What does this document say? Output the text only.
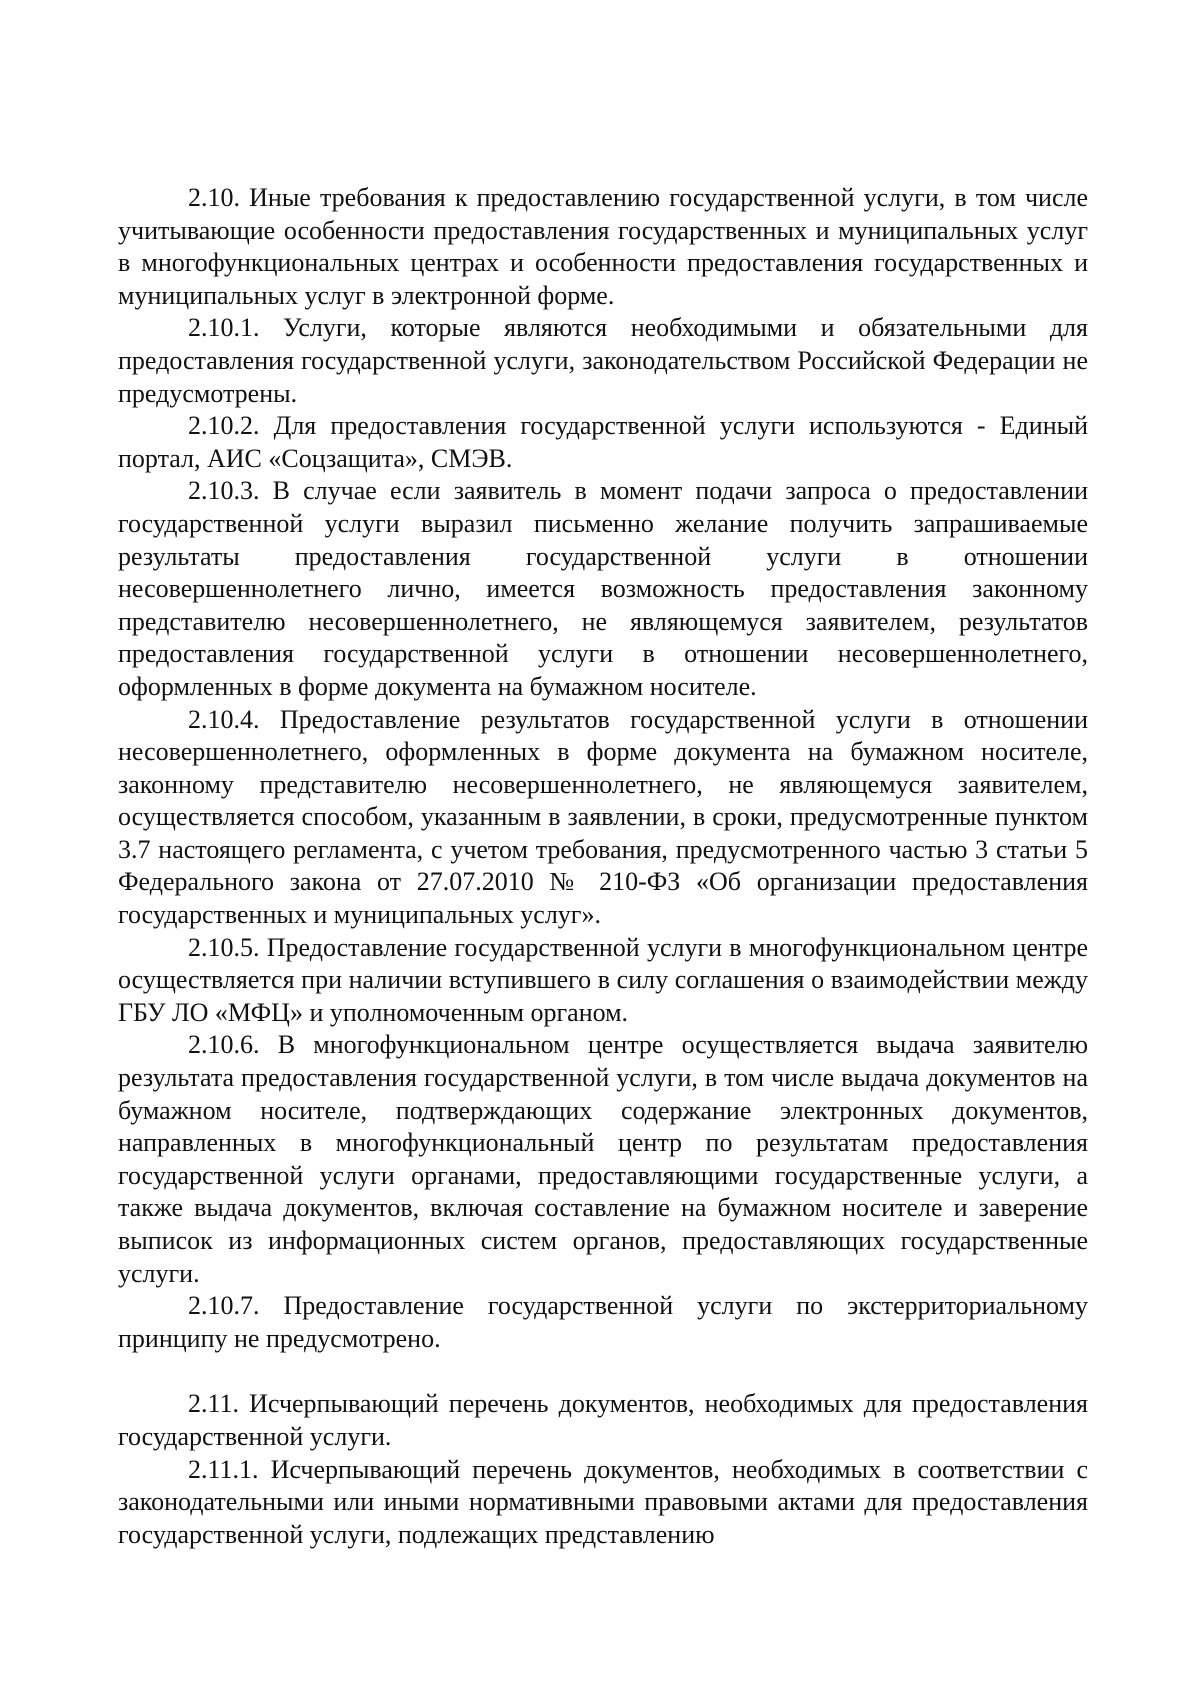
2.10. Иные требования к предоставлению государственной услуги, в том числе учитывающие особенности предоставления государственных и муниципальных услуг в многофункциональных центрах и особенности предоставления государственных и муниципальных услуг в электронной форме.

2.10.1. Услуги, которые являются необходимыми и обязательными для предоставления государственной услуги, законодательством Российской Федерации не предусмотрены.

2.10.2. Для предоставления государственной услуги используются - Единый портал, АИС «Соцзащита», СМЭВ.

2.10.3. В случае если заявитель в момент подачи запроса о предоставлении государственной услуги выразил письменно желание получить запрашиваемые результаты предоставления государственной услуги в отношении несовершеннолетнего лично, имеется возможность предоставления законному представителю несовершеннолетнего, не являющемуся заявителем, результатов предоставления государственной услуги в отношении несовершеннолетнего, оформленных в форме документа на бумажном носителе.

2.10.4. Предоставление результатов государственной услуги в отношении несовершеннолетнего, оформленных в форме документа на бумажном носителе, законному представителю несовершеннолетнего, не являющемуся заявителем, осуществляется способом, указанным в заявлении, в сроки, предусмотренные пунктом 3.7 настоящего регламента, с учетом требования, предусмотренного частью 3 статьи 5 Федерального закона от 27.07.2010 № 210-ФЗ «Об организации предоставления государственных и муниципальных услуг».

2.10.5. Предоставление государственной услуги в многофункциональном центре осуществляется при наличии вступившего в силу соглашения о взаимодействии между ГБУ ЛО «МФЦ» и уполномоченным органом.

2.10.6. В многофункциональном центре осуществляется выдача заявителю результата предоставления государственной услуги, в том числе выдача документов на бумажном носителе, подтверждающих содержание электронных документов, направленных в многофункциональный центр по результатам предоставления государственной услуги органами, предоставляющими государственные услуги, а также выдача документов, включая составление на бумажном носителе и заверение выписок из информационных систем органов, предоставляющих государственные услуги.

2.10.7. Предоставление государственной услуги по экстерриториальному принципу не предусмотрено.

2.11. Исчерпывающий перечень документов, необходимых для предоставления государственной услуги.

2.11.1. Исчерпывающий перечень документов, необходимых в соответствии с законодательными или иными нормативными правовыми актами для предоставления государственной услуги, подлежащих представлению
